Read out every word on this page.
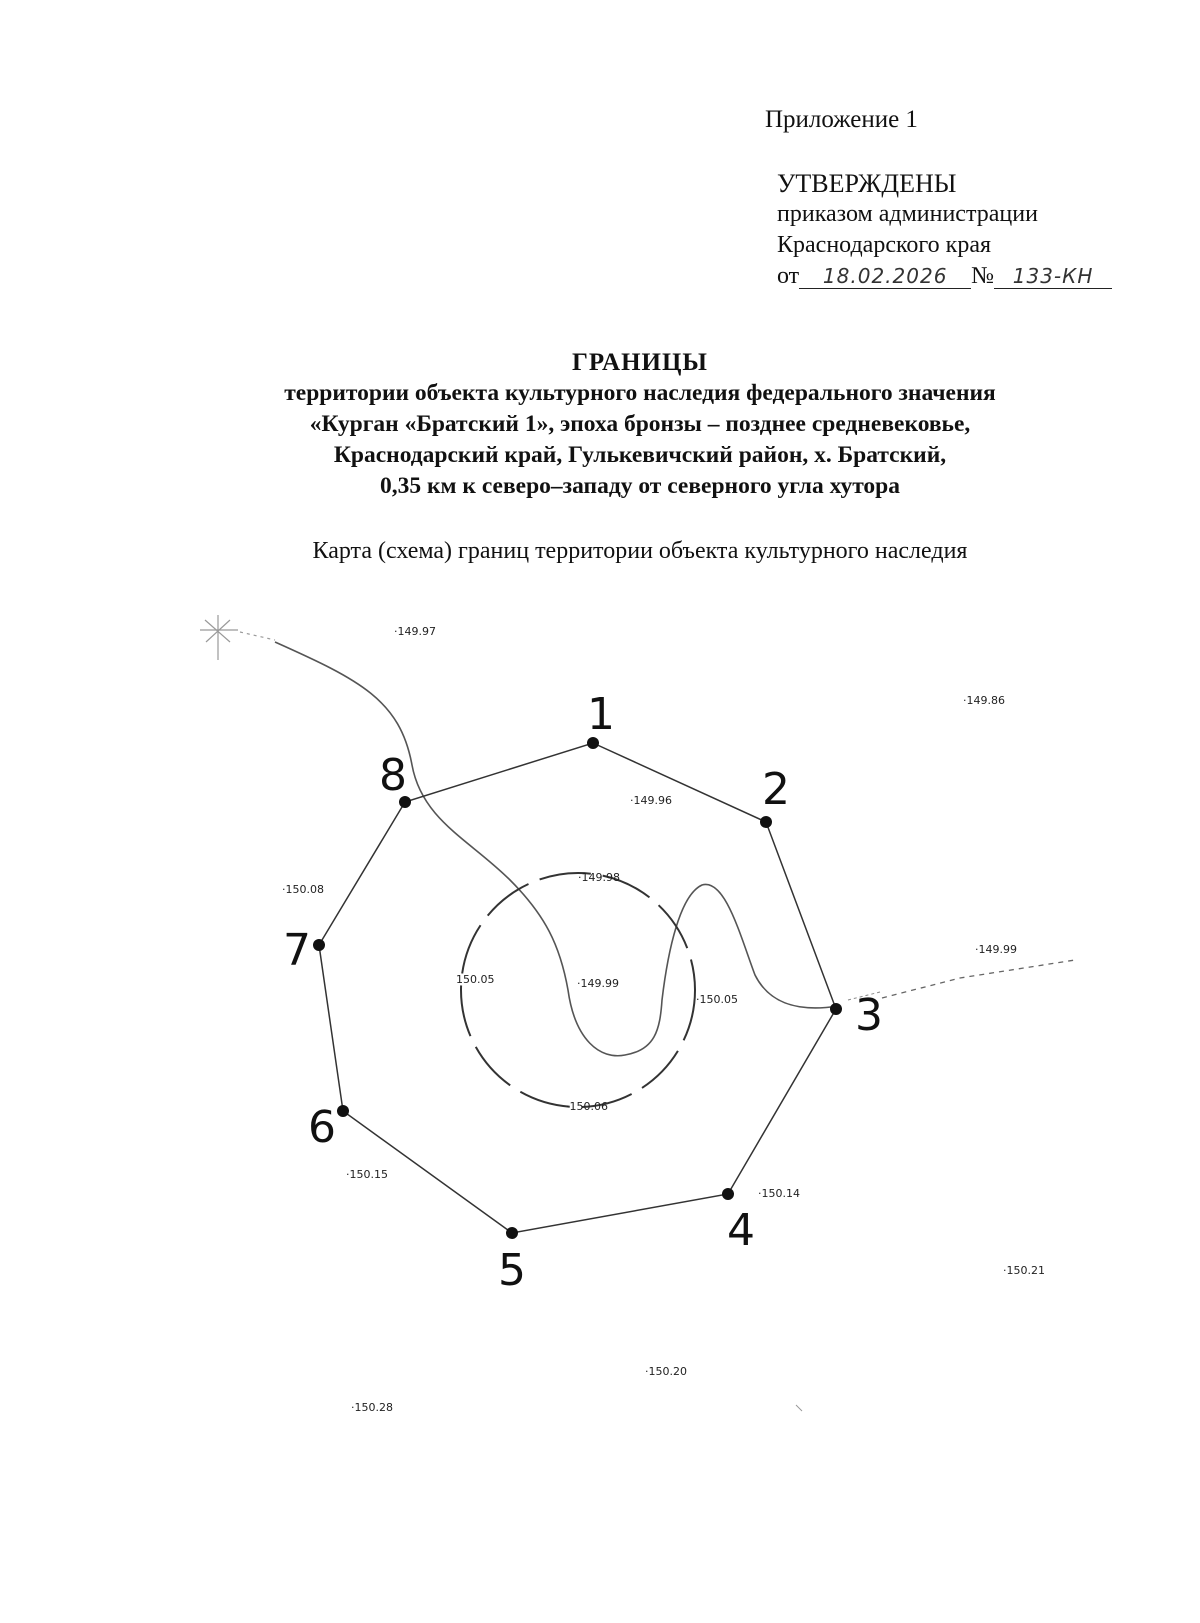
Приложение 1
УТВЕРЖДЕНЫ
приказом администрации
Краснодарского края
от 18.02.2026 № 133-КН
ГРАНИЦЫ
территории объекта культурного наследия федерального значения
«Курган «Братский 1», эпоха бронзы – позднее средневековье,
Краснодарский край, Гулькевичский район, х. Братский,
0,35 км к северо–западу от северного угла хутора
Карта (схема) границ территории объекта культурного наследия
1
2
3
4
5
6
7
8
·149.97
·149.86
·149.96
·150.08
·149.98
150.05	·149.99
·150.05
·149.99
·150.06
·150.15
·150.14
·150.21
·150.20
·150.28
